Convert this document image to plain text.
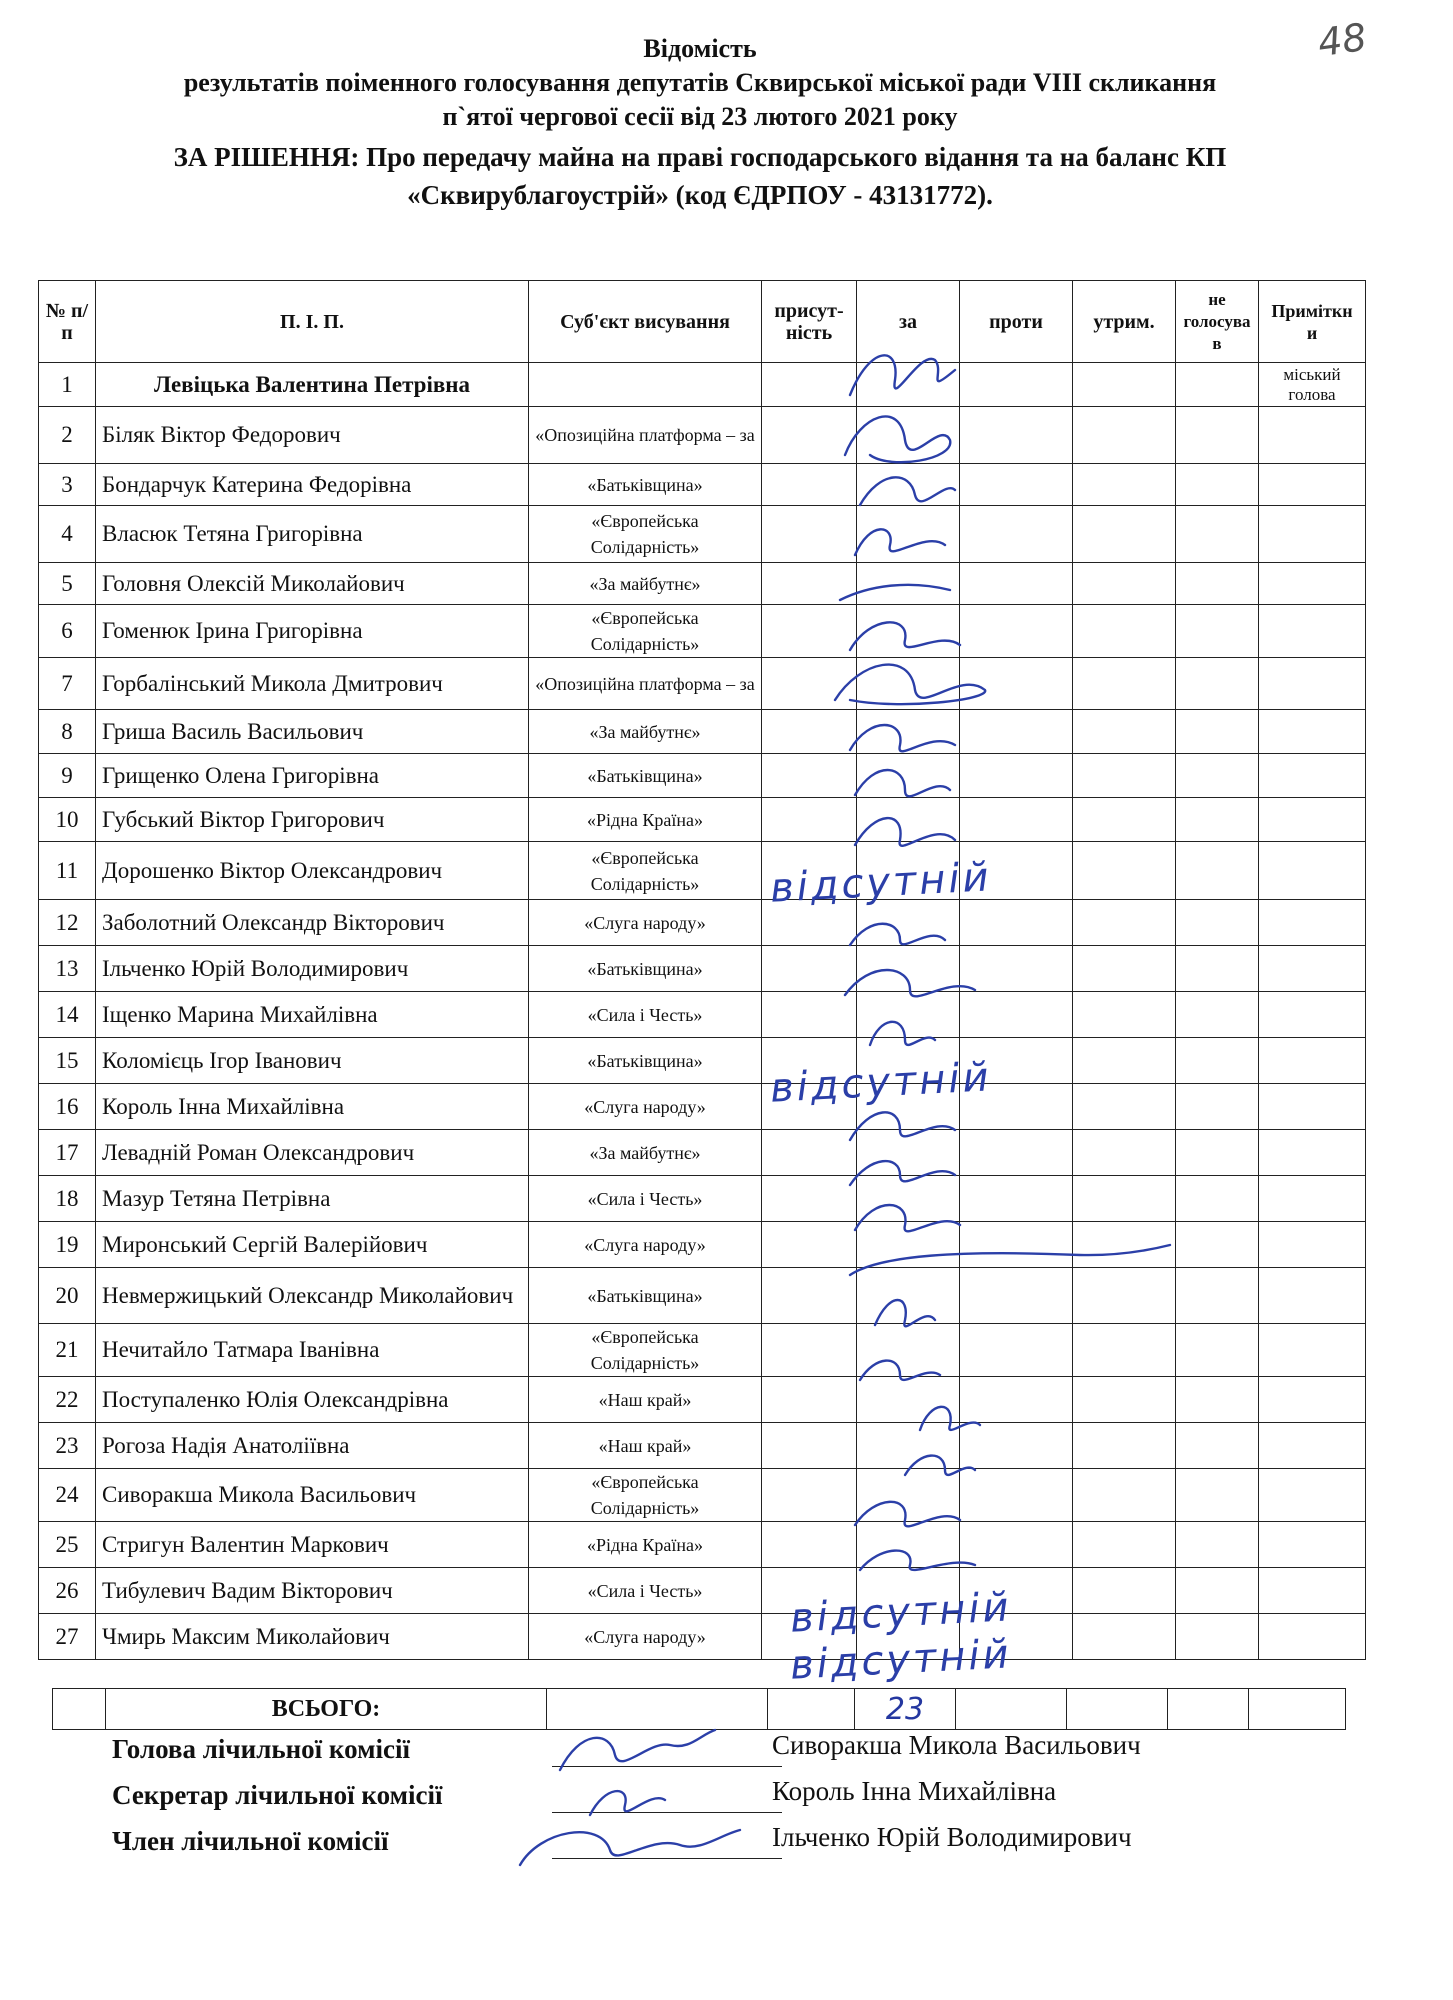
48
Відомість
результатів поіменного голосування депутатів Сквирської міської ради VIII скликання
п`ятої чергової сесії від 23 лютого 2021 року
ЗА РІШЕННЯ: Про передачу майна на праві господарського відання та на баланс КП
«Сквирублагоустрій» (код ЄДРПОУ - 43131772).
№ п/п	П. І. П.	Суб'єкт висування	присут-ність	за	проти	утрим.	не голосува в	Приміткн и
1	Левіцька Валентина Петрівна							міський голова
2	Біляк Віктор Федорович	«Опозиційна платформа – за						
3	Бондарчук Катерина Федорівна	«Батьківщина»						
4	Власюк Тетяна Григорівна	«Європейська Солідарність»						
5	Головня Олексій Миколайович	«За майбутнє»						
6	Гоменюк Ірина Григорівна	«Європейська Солідарність»						
7	Горбалінський Микола Дмитрович	«Опозиційна платформа – за						
8	Гриша Василь Васильович	«За майбутнє»						
9	Грищенко Олена Григорівна	«Батьківщина»						
10	Губський Віктор Григорович	«Рідна Країна»						
11	Дорошенко Віктор Олександрович	«Європейська Солідарність»						
12	Заболотний Олександр Вікторович	«Слуга народу»						
13	Ільченко Юрій Володимирович	«Батьківщина»						
14	Іщенко Марина Михайлівна	«Сила і Честь»						
15	Коломієць Ігор Іванович	«Батьківщина»						
16	Король Інна Михайлівна	«Слуга народу»						
17	Левадній Роман Олександрович	«За майбутнє»						
18	Мазур Тетяна Петрівна	«Сила і Честь»						
19	Миронський Сергій Валерійович	«Слуга народу»						
20	Невмержицький Олександр Миколайович	«Батьківщина»						
21	Нечитайло Татмара Іванівна	«Європейська Солідарність»						
22	Поступаленко Юлія Олександрівна	«Наш край»						
23	Рогоза Надія Анатоліївна	«Наш край»						
24	Сиворакша Микола Васильович	«Європейська Солідарність»						
25	Стригун Валентин Маркович	«Рідна Країна»						
26	Тибулевич Вадим Вікторович	«Сила і Честь»						
27	Чмирь Максим Миколайович	«Слуга народу»						
відсутній
відсутній
відсутній
відсутній
	ВСЬОГО:			23				
Голова лічильної комісії	Сиворакша Микола Васильович
Секретар лічильної комісії	Король Інна Михайлівна
Член лічильної комісії	Ільченко Юрій Володимирович
